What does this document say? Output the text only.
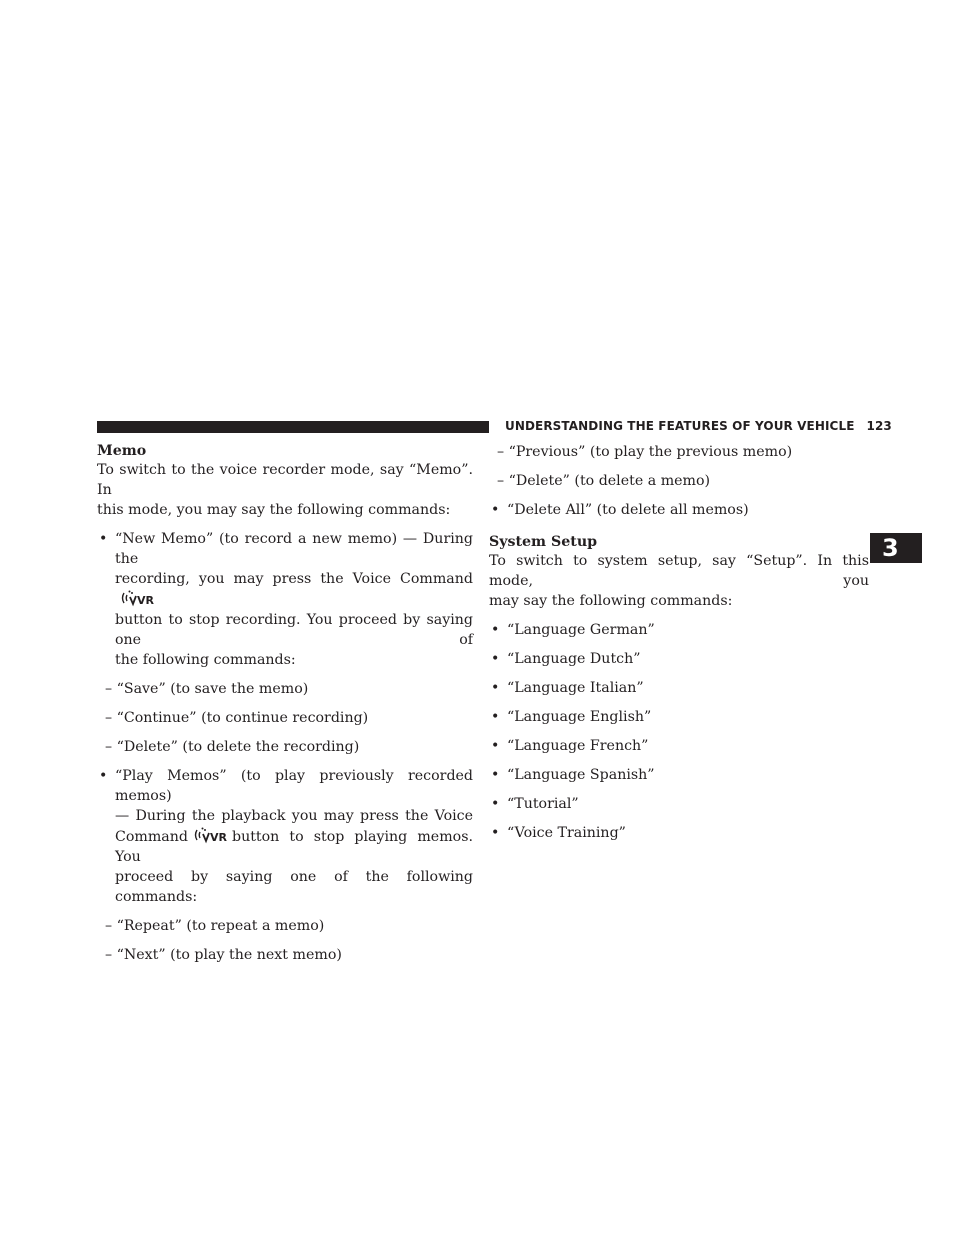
UNDERSTANDING THE FEATURES OF YOUR VEHICLE 123
3
Memo

To switch to the voice recorder mode, say “Memo”. In

this mode, you may say the following commands:

• “New Memo” (to record a new memo) — During the

recording, you may press the Voice Command
VR

button to stop recording. You proceed by saying one of

the following commands:

– “Save” (to save the memo)
– “Continue” (to continue recording)
– “Delete” (to delete the recording)
• “Play Memos” (to play previously recorded memos)

— During the playback you may press the Voice

Command VR button to stop playing memos. You

proceed by saying one of the following commands:

– “Repeat” (to repeat a memo)
– “Next” (to play the next memo)
– “Previous” (to play the previous memo)
– “Delete” (to delete a memo)
• “Delete All” (to delete all memos)

System Setup

To switch to system setup, say “Setup”. In this mode, you

may say the following commands:

• “Language German”

• “Language Dutch”

• “Language Italian”

• “Language English”

• “Language French”

• “Language Spanish”

• “Tutorial”

• “Voice Training”
